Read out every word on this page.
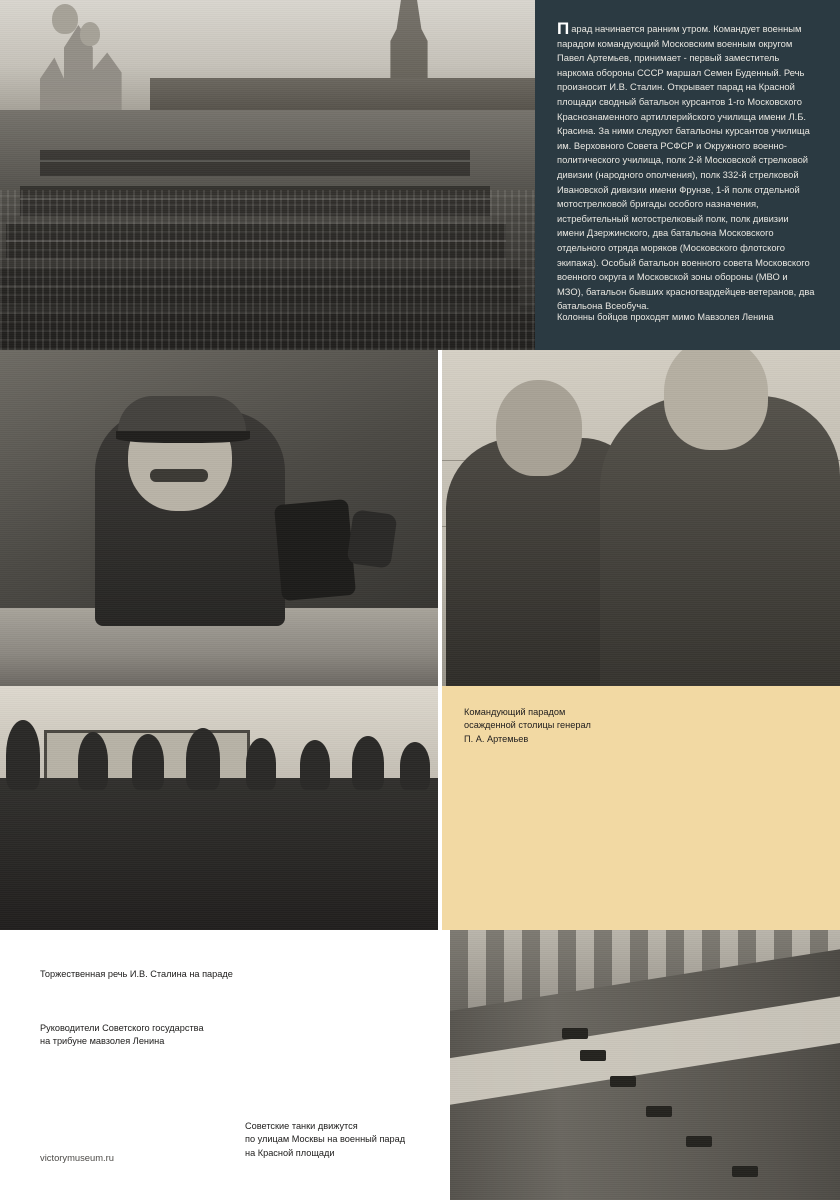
Парад начинается ранним утром. Командует военным парадом командующий Московским военным округом Павел Артемьев, принимает - первый заместитель наркома обороны СССР маршал Семен Буденный. Речь произносит И.В. Сталин. Открывает парад на Красной площади сводный батальон курсантов 1-го Московского Краснознаменного артиллерийского училища имени Л.Б. Красина. За ними следуют батальоны курсантов училища им. Верховного Совета РСФСР и Окружного военно-политического училища, полк 2-й Московской стрелковой дивизии (народного ополчения), полк 332-й стрелковой Ивановской дивизии имени Фрунзе, 1-й полк отдельной мотострелковой бригады особого назначения, истребительный мотострелковый полк, полк дивизии имени Дзержинского, два батальона Московского отдельного отряда моряков (Московского флотского экипажа). Особый батальон военного совета Московского военного округа и Московской зоны обороны (МВО и МЗО), батальон бывших красногвардейцев-ветеранов, два батальона Всеобуча.

Колонны бойцов проходят мимо Мавзолея Ленина
Командующий парадом
осажденной столицы генерал
П. А. Артемьев
Торжественная речь И.В. Сталина на параде
Руководители Советского государства
на трибуне мавзолея Ленина
Советские танки движутся
по улицам Москвы на военный парад
на Красной площади
victorymuseum.ru
